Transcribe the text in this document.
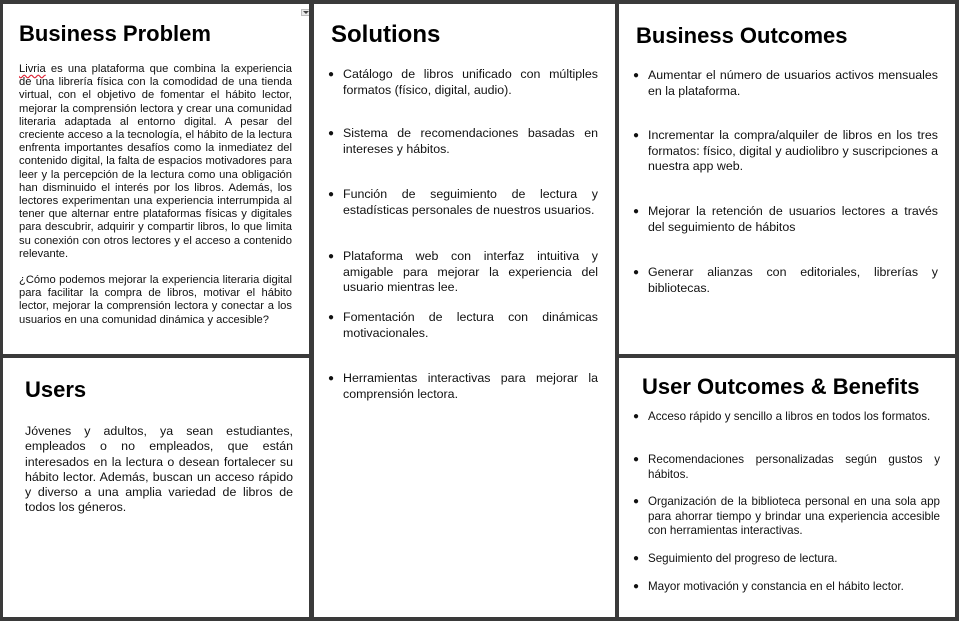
Business Problem

Livria es una plataforma que combina la experiencia de una librería física con la comodidad de una tienda virtual, con el objetivo de fomentar el hábito lector, mejorar la comprensión lectora y crear una comunidad literaria adaptada al entorno digital. A pesar del creciente acceso a la tecnología, el hábito de la lectura enfrenta importantes desafíos como la inmediatez del contenido digital, la falta de espacios motivadores para leer y la percepción de la lectura como una obligación han disminuido el interés por los libros. Además, los lectores experimentan una experiencia interrumpida al tener que alternar entre plataformas físicas y digitales para descubrir, adquirir y compartir libros, lo que limita su conexión con otros lectores y el acceso a contenido relevante.

¿Cómo podemos mejorar la experiencia literaria digital para facilitar la compra de libros, motivar el hábito lector, mejorar la comprensión lectora y conectar a los usuarios en una comunidad dinámica y accesible?

Users

Jóvenes y adultos, ya sean estudiantes, empleados o no empleados, que están interesados en la lectura o desean fortalecer su hábito lector. Además, buscan un acceso rápido y diverso a una amplia variedad de libros de todos los géneros.

Solutions
● Catálogo de libros unificado con múltiples formatos (físico, digital, audio).
● Sistema de recomendaciones basadas en intereses y hábitos.
● Función de seguimiento de lectura y estadísticas personales de nuestros usuarios.
● Plataforma web con interfaz intuitiva y amigable para mejorar la experiencia del usuario mientras lee.
● Fomentación de lectura con dinámicas motivacionales.
● Herramientas interactivas para mejorar la comprensión lectora.
Business Outcomes
● Aumentar el número de usuarios activos mensuales en la plataforma.
● Incrementar la compra/alquiler de libros en los tres formatos: físico, digital y audiolibro y suscripciones a nuestra app web.
● Mejorar la retención de usuarios lectores a través del seguimiento de hábitos
● Generar alianzas con editoriales, librerías y bibliotecas.
User Outcomes & Benefits
● Acceso rápido y sencillo a libros en todos los formatos.
● Recomendaciones personalizadas según gustos y hábitos.
● Organización de la biblioteca personal en una sola app para ahorrar tiempo y brindar una experiencia accesible con herramientas interactivas.
● Seguimiento del progreso de lectura.
● Mayor motivación y constancia en el hábito lector.
